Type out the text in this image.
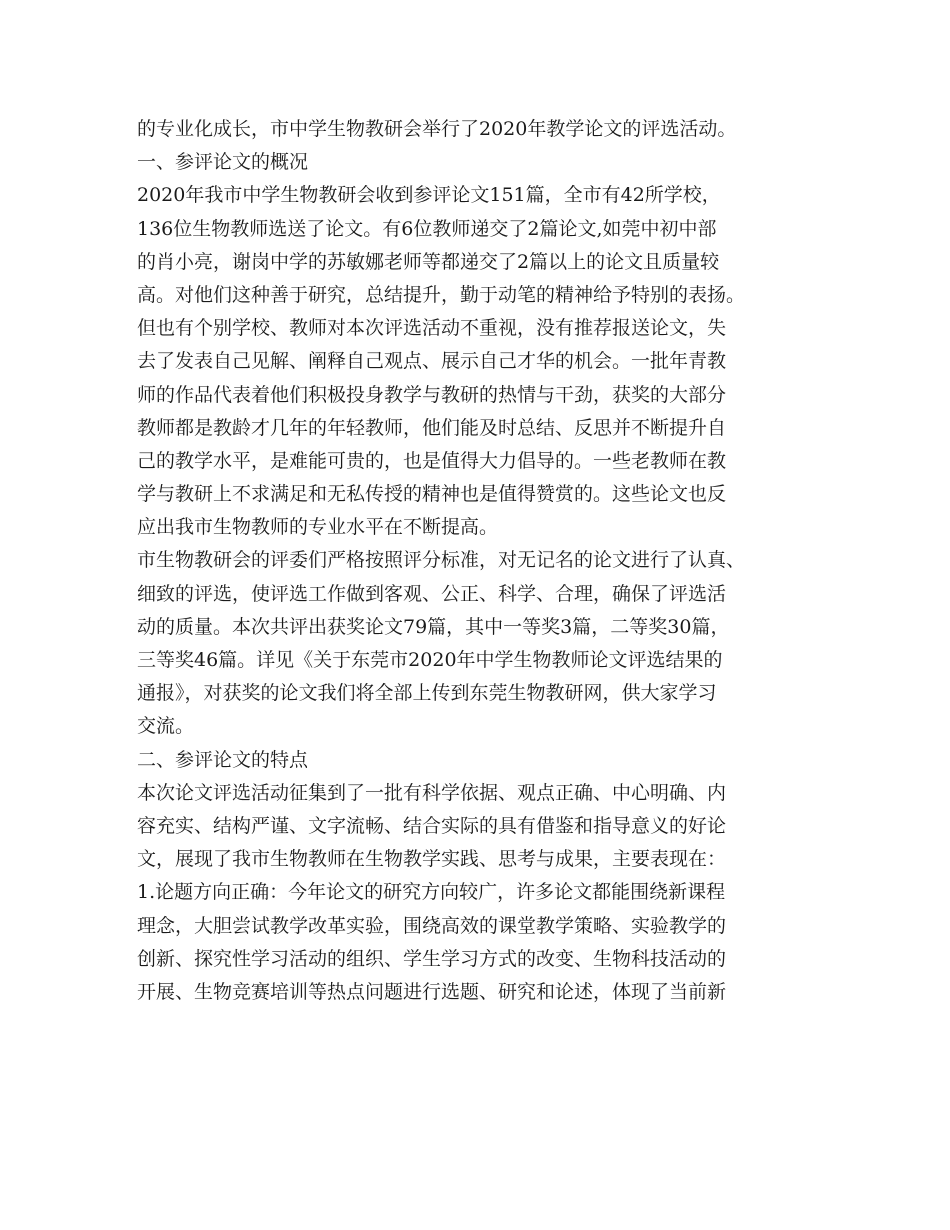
的专业化成长，市中学生物教研会举行了2020年教学论文的评选活动。
一、参评论文的概况
2020年我市中学生物教研会收到参评论文151篇，全市有42所学校，
136位生物教师选送了论文。有6位教师递交了2篇论文,如莞中初中部
的肖小亮，谢岗中学的苏敏娜老师等都递交了2篇以上的论文且质量较
高。对他们这种善于研究，总结提升，勤于动笔的精神给予特别的表扬。
但也有个别学校、教师对本次评选活动不重视，没有推荐报送论文，失
去了发表自己见解、阐释自己观点、展示自己才华的机会。一批年青教
师的作品代表着他们积极投身教学与教研的热情与干劲，获奖的大部分
教师都是教龄才几年的年轻教师，他们能及时总结、反思并不断提升自
己的教学水平，是难能可贵的，也是值得大力倡导的。一些老教师在教
学与教研上不求满足和无私传授的精神也是值得赞赏的。这些论文也反
应出我市生物教师的专业水平在不断提高。
市生物教研会的评委们严格按照评分标准，对无记名的论文进行了认真、
细致的评选，使评选工作做到客观、公正、科学、合理，确保了评选活
动的质量。本次共评出获奖论文79篇，其中一等奖3篇，二等奖30篇，
三等奖46篇。详见《关于东莞市2020年中学生物教师论文评选结果的
通报》，对获奖的论文我们将全部上传到东莞生物教研网，供大家学习
交流。
二、参评论文的特点
本次论文评选活动征集到了一批有科学依据、观点正确、中心明确、内
容充实、结构严谨、文字流畅、结合实际的具有借鉴和指导意义的好论
文，展现了我市生物教师在生物教学实践、思考与成果，主要表现在：
1.论题方向正确：今年论文的研究方向较广，许多论文都能围绕新课程
理念，大胆尝试教学改革实验，围绕高效的课堂教学策略、实验教学的
创新、探究性学习活动的组织、学生学习方式的改变、生物科技活动的
开展、生物竞赛培训等热点问题进行选题、研究和论述，体现了当前新
